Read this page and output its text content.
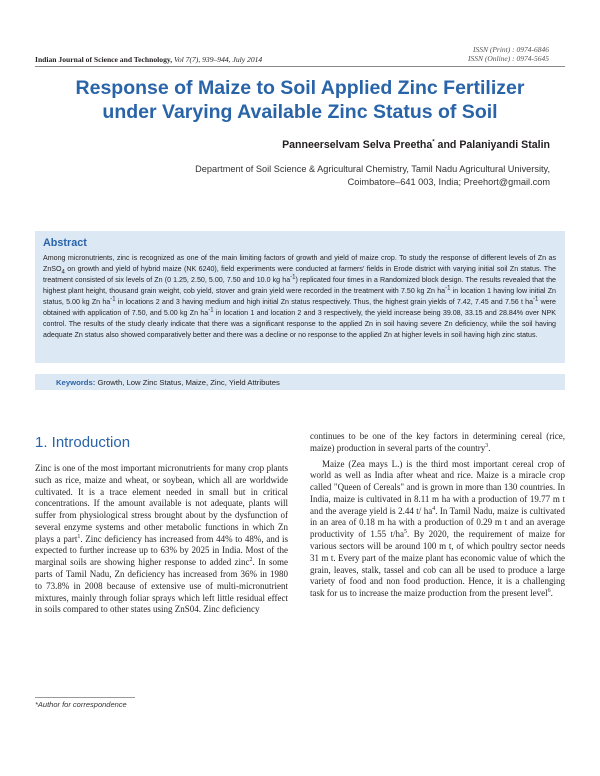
ISSN (Print) : 0974-6846
ISSN (Online) : 0974-5645
Indian Journal of Science and Technology, Vol 7(7), 939–944, July 2014
Response of Maize to Soil Applied Zinc Fertilizer
under Varying Available Zinc Status of Soil
Panneerselvam Selva Preetha* and Palaniyandi Stalin
Department of Soil Science & Agricultural Chemistry, Tamil Nadu Agricultural University,
Coimbatore–641 003, India; Preehort@gmail.com
Abstract

Among micronutrients, zinc is recognized as one of the main limiting factors of growth and yield of maize crop. To study the response of different levels of Zn as ZnSO$_4$ on growth and yield of hybrid maize (NK 6240), field experiments were conducted at farmers' fields in Erode district with varying initial soil Zn status. The treatment consisted of six levels of Zn (0 1.25, 2.50, 5.00, 7.50 and 10.0 kg $ha^{-1}$) replicated four times in a Randomized block design. The results revealed that the highest plant height, thousand grain weight, cob yield, stover and grain yield were recorded in the treatment with 7.50 kg Zn $ha^{-1}$ in location 1 having low initial Zn status, 5.00 kg Zn $ha^{-1}$ in locations 2 and 3 having medium and high initial Zn status respectively. Thus, the highest grain yields of 7.42, 7.45 and 7.56 t $ha^{-1}$ were obtained with application of 7.50, and 5.00 kg Zn $ha^{-1}$ in location 1 and location 2 and 3 respectively, the yield increase being 39.08, 33.15 and 28.84% over NPK control. The results of the study clearly indicate that there was a significant response to the applied Zn in soil having severe Zn deficiency, while the soil having adequate Zn status also showed comparatively better and there was a decline or no response to the applied Zn at higher levels in soil having high zinc status.

Keywords: Growth, Low Zinc Status, Maize, Zinc, Yield Attributes
1. Introduction

Zinc is one of the most important micronutrients for many crop plants such as rice, maize and wheat, or soybean, which all are worldwide cultivated. It is a trace element needed in small but in critical concentrations. If the amount available is not adequate, plants will suffer from physiological stress brought about by the dysfunction of several enzyme systems and other metabolic functions in which Zn plays a part$^1$. Zinc deficiency has increased from 44% to 48%, and is expected to further increase up to 63% by 2025 in India. Most of the marginal soils are showing higher response to added zinc$^2$. In some parts of Tamil Nadu, Zn deficiency has increased from 36% in 1980 to 73.8% in 2008 because of extensive use of multi-micronutrient mixtures, mainly through foliar sprays which left little residual effect in soils compared to other states using ZnS04. Zinc deficiency

continues to be one of the key factors in determining cereal (rice, maize) production in several parts of the country$^3$.

Maize (Zea mays L.) is the third most important cereal crop of world as well as India after wheat and rice. Maize is a miracle crop called "Queen of Cereals" and is grown in more than 130 countries. In India, maize is cultivated in 8.11 m ha with a production of 19.77 m t and the average yield is 2.44 t/ $ha^4$. In Tamil Nadu, maize is cultivated in an area of 0.18 m ha with a production of 0.29 m t and an average productivity of 1.55 $t/ha^5$. By 2020, the requirement of maize for various sectors will be around 100 m t, of which poultry sector needs 31 m t. Every part of the maize plant has economic value of which the grain, leaves, stalk, tassel and cob can all be used to produce a large variety of food and non food production. Hence, it is a challenging task for us to increase the maize production from the present level$^6$.

*Author for correspondence
